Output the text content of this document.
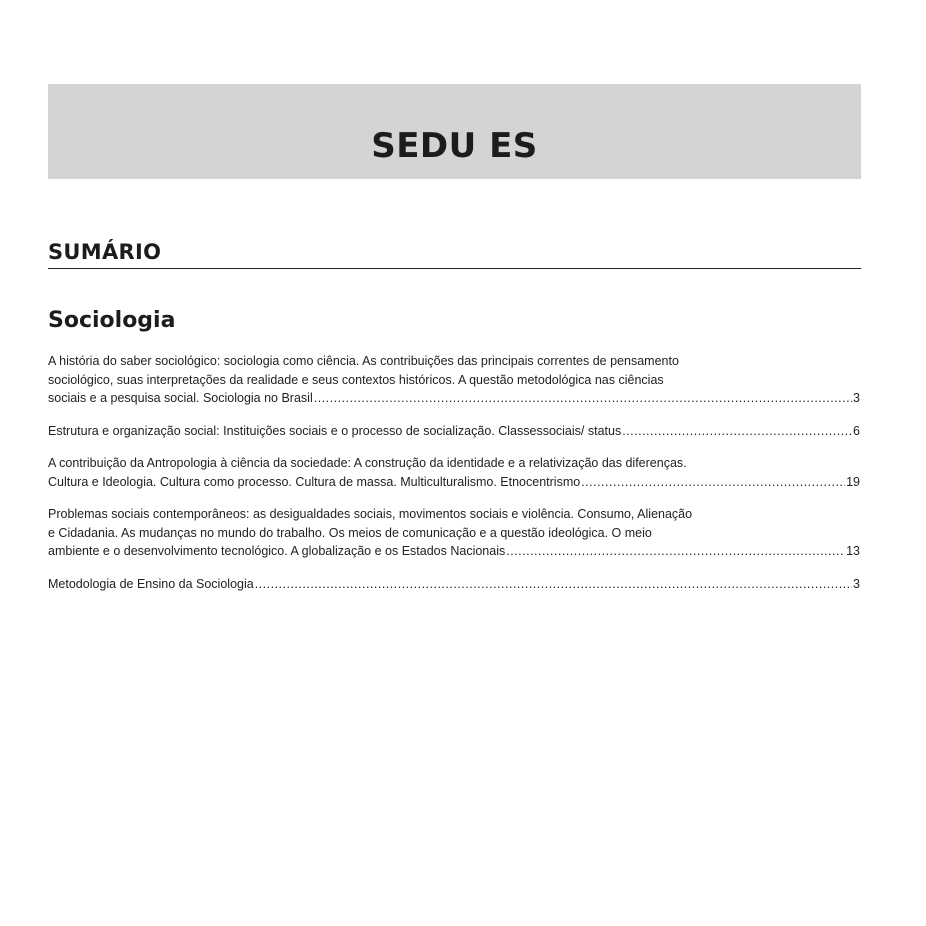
SEDU ES
SUMÁRIO
Sociologia
A história do saber sociológico: sociologia como ciência. As contribuições das principais correntes de pensamento
sociológico, suas interpretações da realidade e seus contextos históricos. A questão metodológica nas ciências
sociais e a pesquisa social. Sociologia no Brasil .....	3
Estrutura e organização social: Instituições sociais e o processo de socialização. Classessociais/ status .....	6
A contribuição da Antropologia à ciência da sociedade: A construção da identidade e a relativização das diferenças.
Cultura e Ideologia. Cultura como processo. Cultura de massa. Multiculturalismo. Etnocentrismo .....	19
Problemas sociais contemporâneos: as desigualdades sociais, movimentos sociais e violência. Consumo, Alienação
e Cidadania. As mudanças no mundo do trabalho. Os meios de comunicação e a questão ideológica. O meio
ambiente e o desenvolvimento tecnológico. A globalização e os Estados Nacionais .....	13
Metodologia de Ensino da Sociologia .....	3
